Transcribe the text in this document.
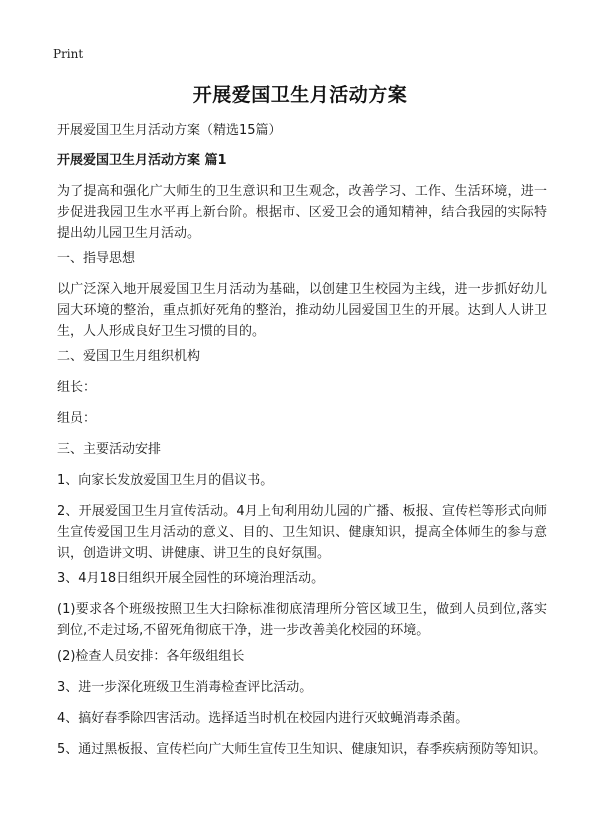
Print
开展爱国卫生月活动方案
开展爱国卫生月活动方案（精选15篇）
开展爱国卫生月活动方案 篇1

为了提高和强化广大师生的卫生意识和卫生观念，改善学习、工作、生活环境，进一步促进我园卫生水平再上新台阶。根据市、区爱卫会的通知精神，结合我园的实际特提出幼儿园卫生月活动。

一、指导思想

以广泛深入地开展爱国卫生月活动为基础，以创建卫生校园为主线，进一步抓好幼儿园大环境的整治，重点抓好死角的整治，推动幼儿园爱国卫生的开展。达到人人讲卫生，人人形成良好卫生习惯的目的。

二、爱国卫生月组织机构

组长：

组员：

三、主要活动安排

1、向家长发放爱国卫生月的倡议书。

2、开展爱国卫生月宣传活动。4月上旬利用幼儿园的广播、板报、宣传栏等形式向师生宣传爱国卫生月活动的意义、目的、卫生知识、健康知识，提高全体师生的参与意识，创造讲文明、讲健康、讲卫生的良好氛围。

3、4月18日组织开展全园性的环境治理活动。

(1)要求各个班级按照卫生大扫除标准彻底清理所分管区域卫生，做到人员到位,落实到位,不走过场,不留死角彻底干净，进一步改善美化校园的环境。

(2)检查人员安排：各年级组组长

3、进一步深化班级卫生消毒检查评比活动。

4、搞好春季除四害活动。选择适当时机在校园内进行灭蚊蝇消毒杀菌。

5、通过黑板报、宣传栏向广大师生宣传卫生知识、健康知识，春季疾病预防等知识。
